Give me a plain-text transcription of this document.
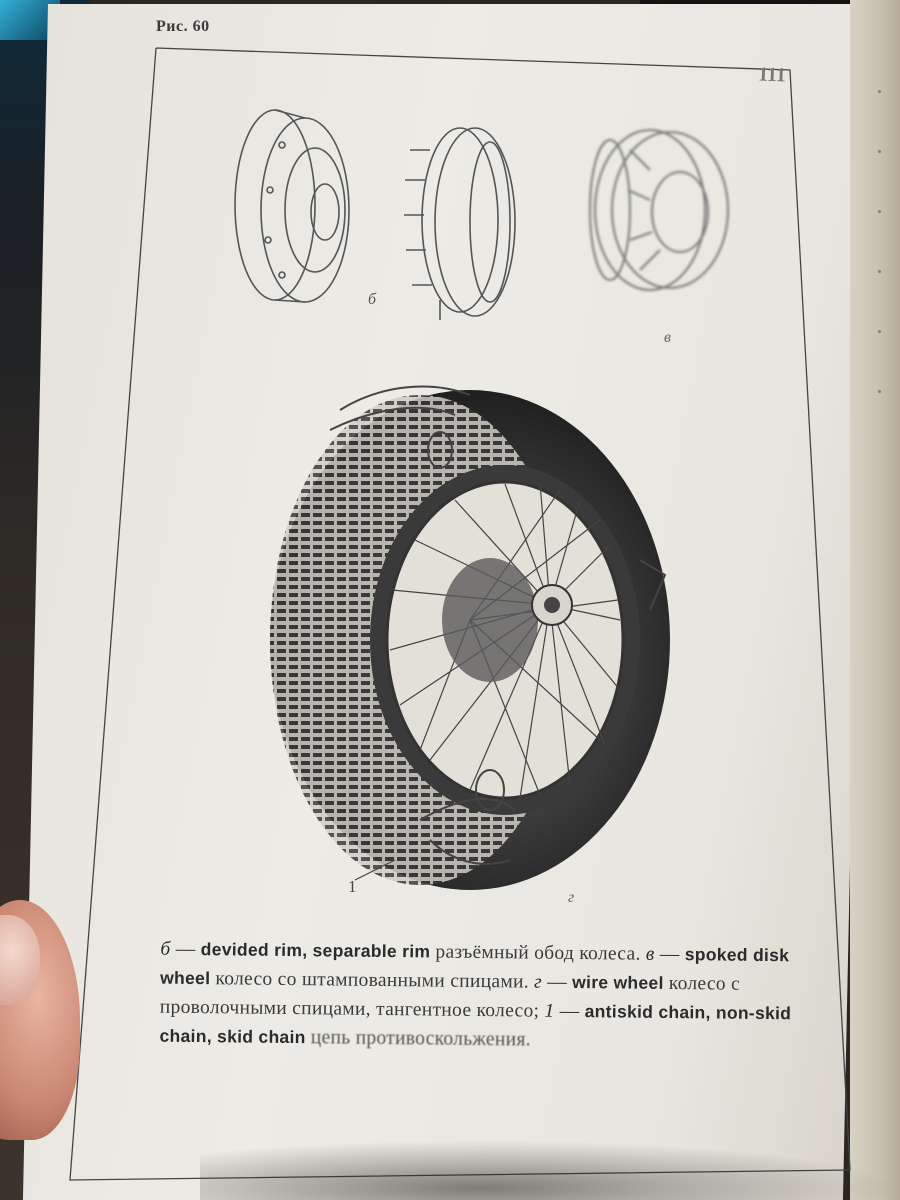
Рис. 60
111
б
в
1
г
б — devided rim, separable rim разъёмный обод колеса. в — spoked disk wheel колесо со штампованными спицами. г — wire wheel колесо с проволочными спицами, тангентное колесо; 1 — antiskid chain, non-skid chain, skid chain цепь противоскольжения.
